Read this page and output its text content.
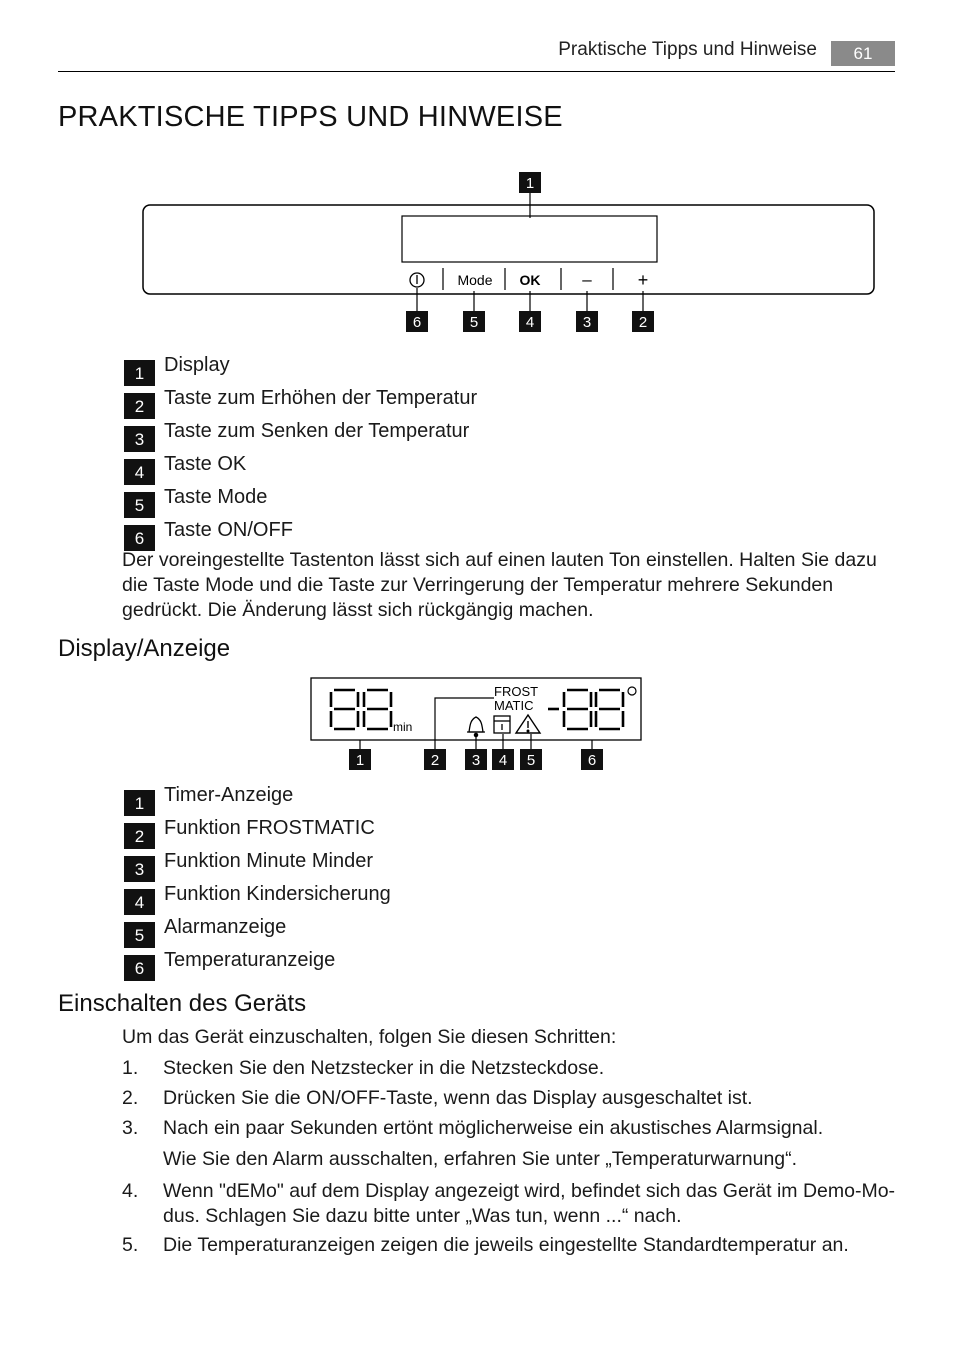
Praktische Tipps und Hinweise	61
PRAKTISCHE TIPPS UND HINWEISE
1
Mode OK –	+
6	5	4	3	2
1 Display
2 Taste zum Erhöhen der Temperatur
3 Taste zum Senken der Temperatur
4 Taste OK
5 Taste Mode
6 Taste ON/OFF
Der voreingestellte Tastenton lässt sich auf einen lauten Ton einstellen. Halten Sie dazu die Taste Mode und die Taste zur Verringerung der Temperatur mehrere Sekunden gedrückt. Die Änderung lässt sich rückgängig machen.
Display/Anzeige
min
FROST
MATIC
1	2 3 4 5	6
1 Timer-Anzeige
2 Funktion FROSTMATIC
3 Funktion Minute Minder
4 Funktion Kindersicherung
5 Alarmanzeige
6 Temperaturanzeige
Einschalten des Geräts
Um das Gerät einzuschalten, folgen Sie diesen Schritten:
1. Stecken Sie den Netzstecker in die Netzsteckdose.
2. Drücken Sie die ON/OFF-Taste, wenn das Display ausgeschaltet ist.
3. Nach ein paar Sekunden ertönt möglicherweise ein akustisches Alarmsignal.
Wie Sie den Alarm ausschalten, erfahren Sie unter „Temperaturwarnung“.
4. Wenn "dEMo" auf dem Display angezeigt wird, befindet sich das Gerät im Demo-Mo-dus. Schlagen Sie dazu bitte unter „Was tun, wenn ...“ nach.
5. Die Temperaturanzeigen zeigen die jeweils eingestellte Standardtemperatur an.
